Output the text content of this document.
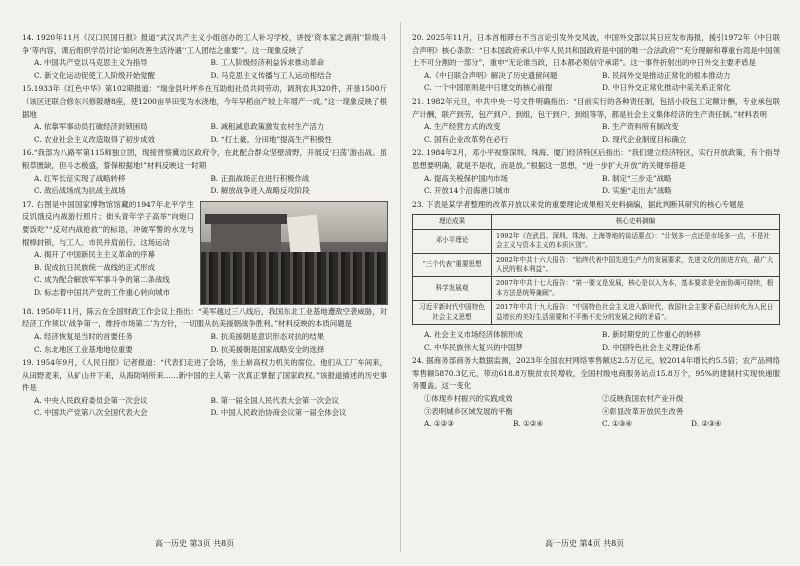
14. 1920年11月《汉口民国日报》报道“武汉共产主义小组创办的工人补习学校，讲授‘资本家之剥削’‘阶级斗争’等内容，课后组织学员讨论‘如何改善生活待遇’‘工人团结之重要’”。这一现象反映了

A. 中国共产党以马克思主义为指导	B. 工人阶级经济利益诉求推动革命
C. 新文化运动促使工人阶级开始觉醒	D. 马克思主义传播与工人运动相结合

15.1933年《红色中华》第102期报道：“瑞金县叶坪乡在互助组社员共同劳动，调剂农具320件，开垦1500斤（该区还联合修东兴修陂塘8座，使1200亩旱田变为水浇地，今年早稻亩产较上年增产一成。”这一现象反映了根据地

A. 依靠军事动员打破经济封锁困局	B. 减租减息政策激发农村生产活力
C. 农业社会主义改造取得了初步成效	D. “打土豪，分田地”提高生产积极性

16.“我部为八路军第115师独立团，现接晋察冀边区政府令，在此配合群众坚壁清野，开展反‘扫荡’游击战。虽粮草匮缺，但斗志极盛，誓保根据地!”材料反映这一时期

A. 红军长征实现了战略转移	B. 正面战场正在进行积极作战
C. 敌后战场成为抗战主战场	D. 解放战争进入战略反攻阶段

17. 右图是中国国家博物馆馆藏的1947年北平学生反饥饿反内战游行照片；街头青年学子高举“向炮口要饭吃”“反对内战抢救”的标语，冲破军警的水龙与棍棒封锁，与工人、市民并肩前行。这场运动

A. 揭开了中国新民主主义革命的序幕
B. 促成抗日民族统一战线的正式形成
C. 成为配合解放军军事斗争的第二条战线
D. 标志着中国共产党的工作重心转向城市

18. 1950年11月，陈云在全国财政工作会议上指出：“美军越过三八线后，我国东北工业基地遭敌空袭威胁，对经济工作须以‘战争第一，维持市场第二’为方针，一切服从抗美援朝战争胜利。”材料反映的本质问题是

A. 经济恢复是当时的首要任务	B. 抗美援朝是意识形态对抗的结果
C. 东北地区工业基地地位重要	D. 抗美援朝是国家战略安全的选择

19. 1954年9月，《人民日报》记者报道：“代表们走进了会场，坐上崭高权力机关的席位。他们从工厂车间来，从田野麦来，从矿山井下来，从海防哨所来……新中国的主人第一次真正掌握了国家政权。”该报道描述的历史事件是

A. 中央人民政府委员会第一次会议	B. 第一届全国人民代表大会第一次会议
C. 中国共产党第八次全国代表大会	D. 中国人民政治协商会议第一届全体会议

20. 2025年11月，日本首相滞台不当言论引发外交风波，中国外交部以其日应发布海报，援引1972年《中日联合声明》核心条款：“日本国政府承认中华人民共和国政府是中国的唯一合法政府”“充分理解和尊重台湾是中国领土不可分割的一部分”，重申“无论谁当政，日本都必须信守承诺”。这一事件折射出的中日外交主要矛盾是

A.《中日联合声明》解决了历史遗留问题	B. 民间外交是推动正常化的根本推动力
C. 一个中国原则是中日建交的核心前提	D. 中日外交正常化推动中美关系正常化

21. 1982年元旦，中共中央一号文件明确指出：“目前实行的各种责任制，包括小段包工定额计酬，专业承包联产计酬，联产到劳，包产到户、到组，包干到户、到组等等，都是社会主义集体经济的生产责任制。”材料表明

A. 生产经营方式的改变	B. 生产资料所有制改变
C. 国有企业改革势在必行	D. 现代企业制度目标确立

22. 1984年2月，邓小平视察深圳、珠海、厦门经济特区后指出：“我们建立经济特区，实行开放政策，有个指导思想要明确，就是不是收，而是放。”根据这一思想，“进一步扩大开放”的关键举措是

A. 提高关税保护国内市场	B. 制定“三步走”战略
C. 开放14个沿海港口城市	D. 实施“走出去”战略

23. 下表是某学者整理的改革开放以来党的重要理论成果相关史料摘编，据此判断其研究的核心专题是

理论成果	核心史料摘编
邓小平理论	1992年《在武昌、深圳、珠海、上海等地的谈话要点》：“计划多一点还是市场多一点，不是社会主义与资本主义的本质区别”。
“三个代表”重要思想	2002年中共十六大报告：“始终代表中国先进生产力的发展要求，先进文化的前进方向，最广大人民的根本利益”。
科学发展观	2007年中共十七大报告：“第一要义是发展，核心是以人为本，基本要求是全面协调可持续，根本方法是统筹兼顾”。
习近平新时代中国特色社会主义思想	2017年中共十九大报告：“中国特色社会主义进入新时代，我国社会主要矛盾已经转化为人民日益增长的美好生活需要和不平衡不充分的发展之间的矛盾”。
A. 社会主义市场经济体制形成	B. 新时期党的工作重心的转移
C. 中华民族伟大复兴的中国梦	D. 中国特色社会主义理论体系

24. 据商务部商务大数据监测，2023年全国农村网络零售额达2.5万亿元，较2014年增长约5.5倍；农产品网络零售额5870.3亿元，带动618.8万脱贫农民增收，全国村级电商服务站点15.8万个，95%的建制村实现快递服务覆盖。这一变化

①体现乡村振兴的实践成效	②反映我国农村产业升级
③表明城乡区域发展的平衡	④彰显改革开放民生改善
A. ①②③	B. ①②④	C. ①③④	D. ②③④
高一历史 第3页 共8页	高一历史 第4页 共8页
